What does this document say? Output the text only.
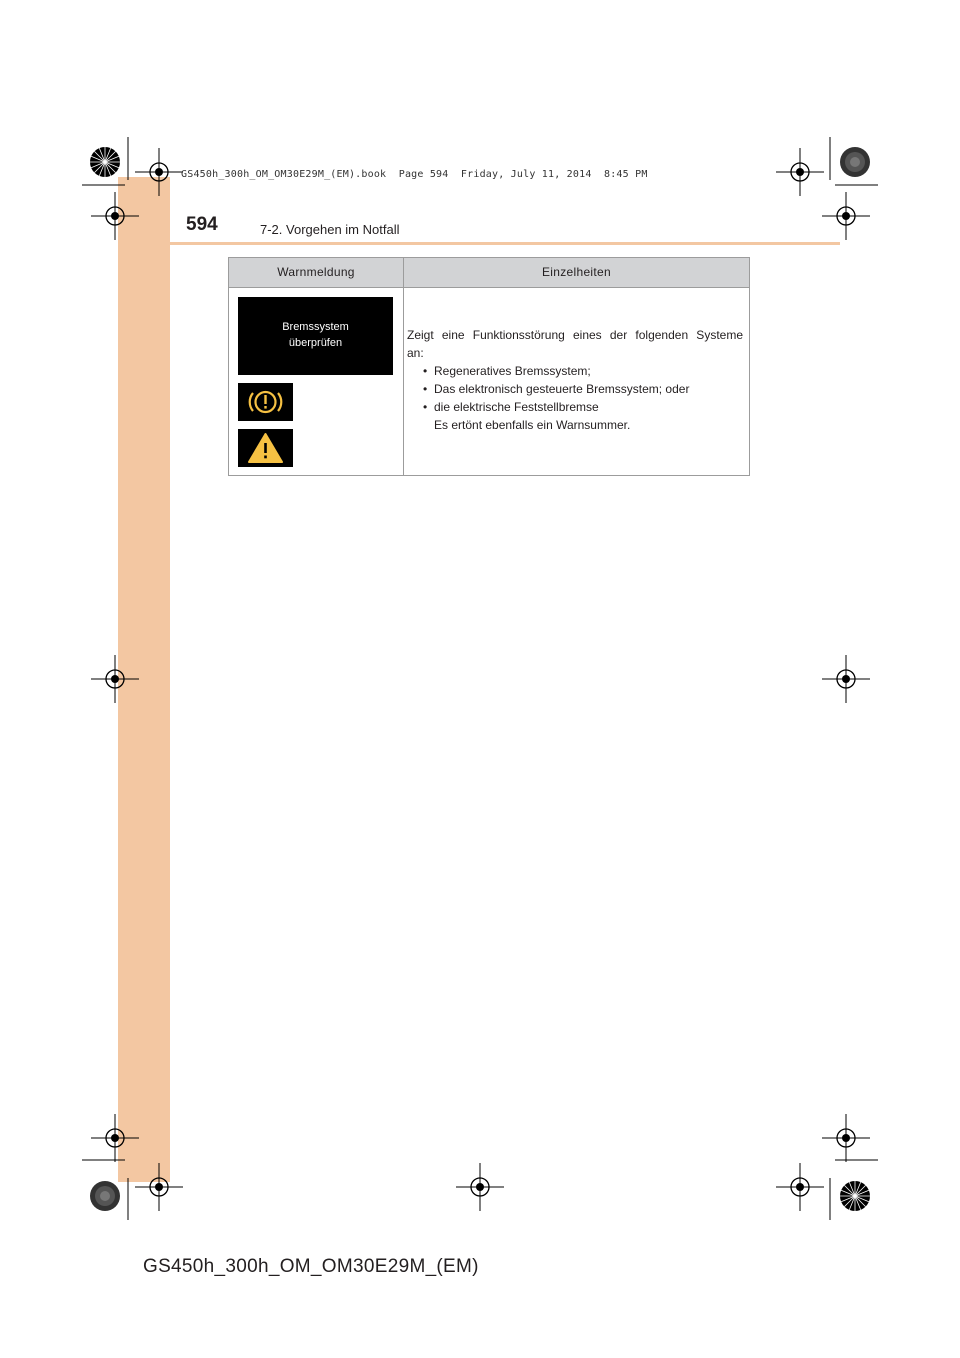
GS450h_300h_OM_OM30E29M_(EM).book  Page 594  Friday, July 11, 2014  8:45 PM
594	7-2. Vorgehen im Notfall
Warnmeldung	Einzelheiten
Bremssystem
überprüfen

Zeigt eine Funktionsstörung eines der folgenden Systeme

an:

• Regeneratives Bremssystem;
• Das elektronisch gesteuerte Bremssystem; oder
• die elektrische Feststellbremse

Es ertönt ebenfalls ein Warnsummer.

GS450h_300h_OM_OM30E29M_(EM)
